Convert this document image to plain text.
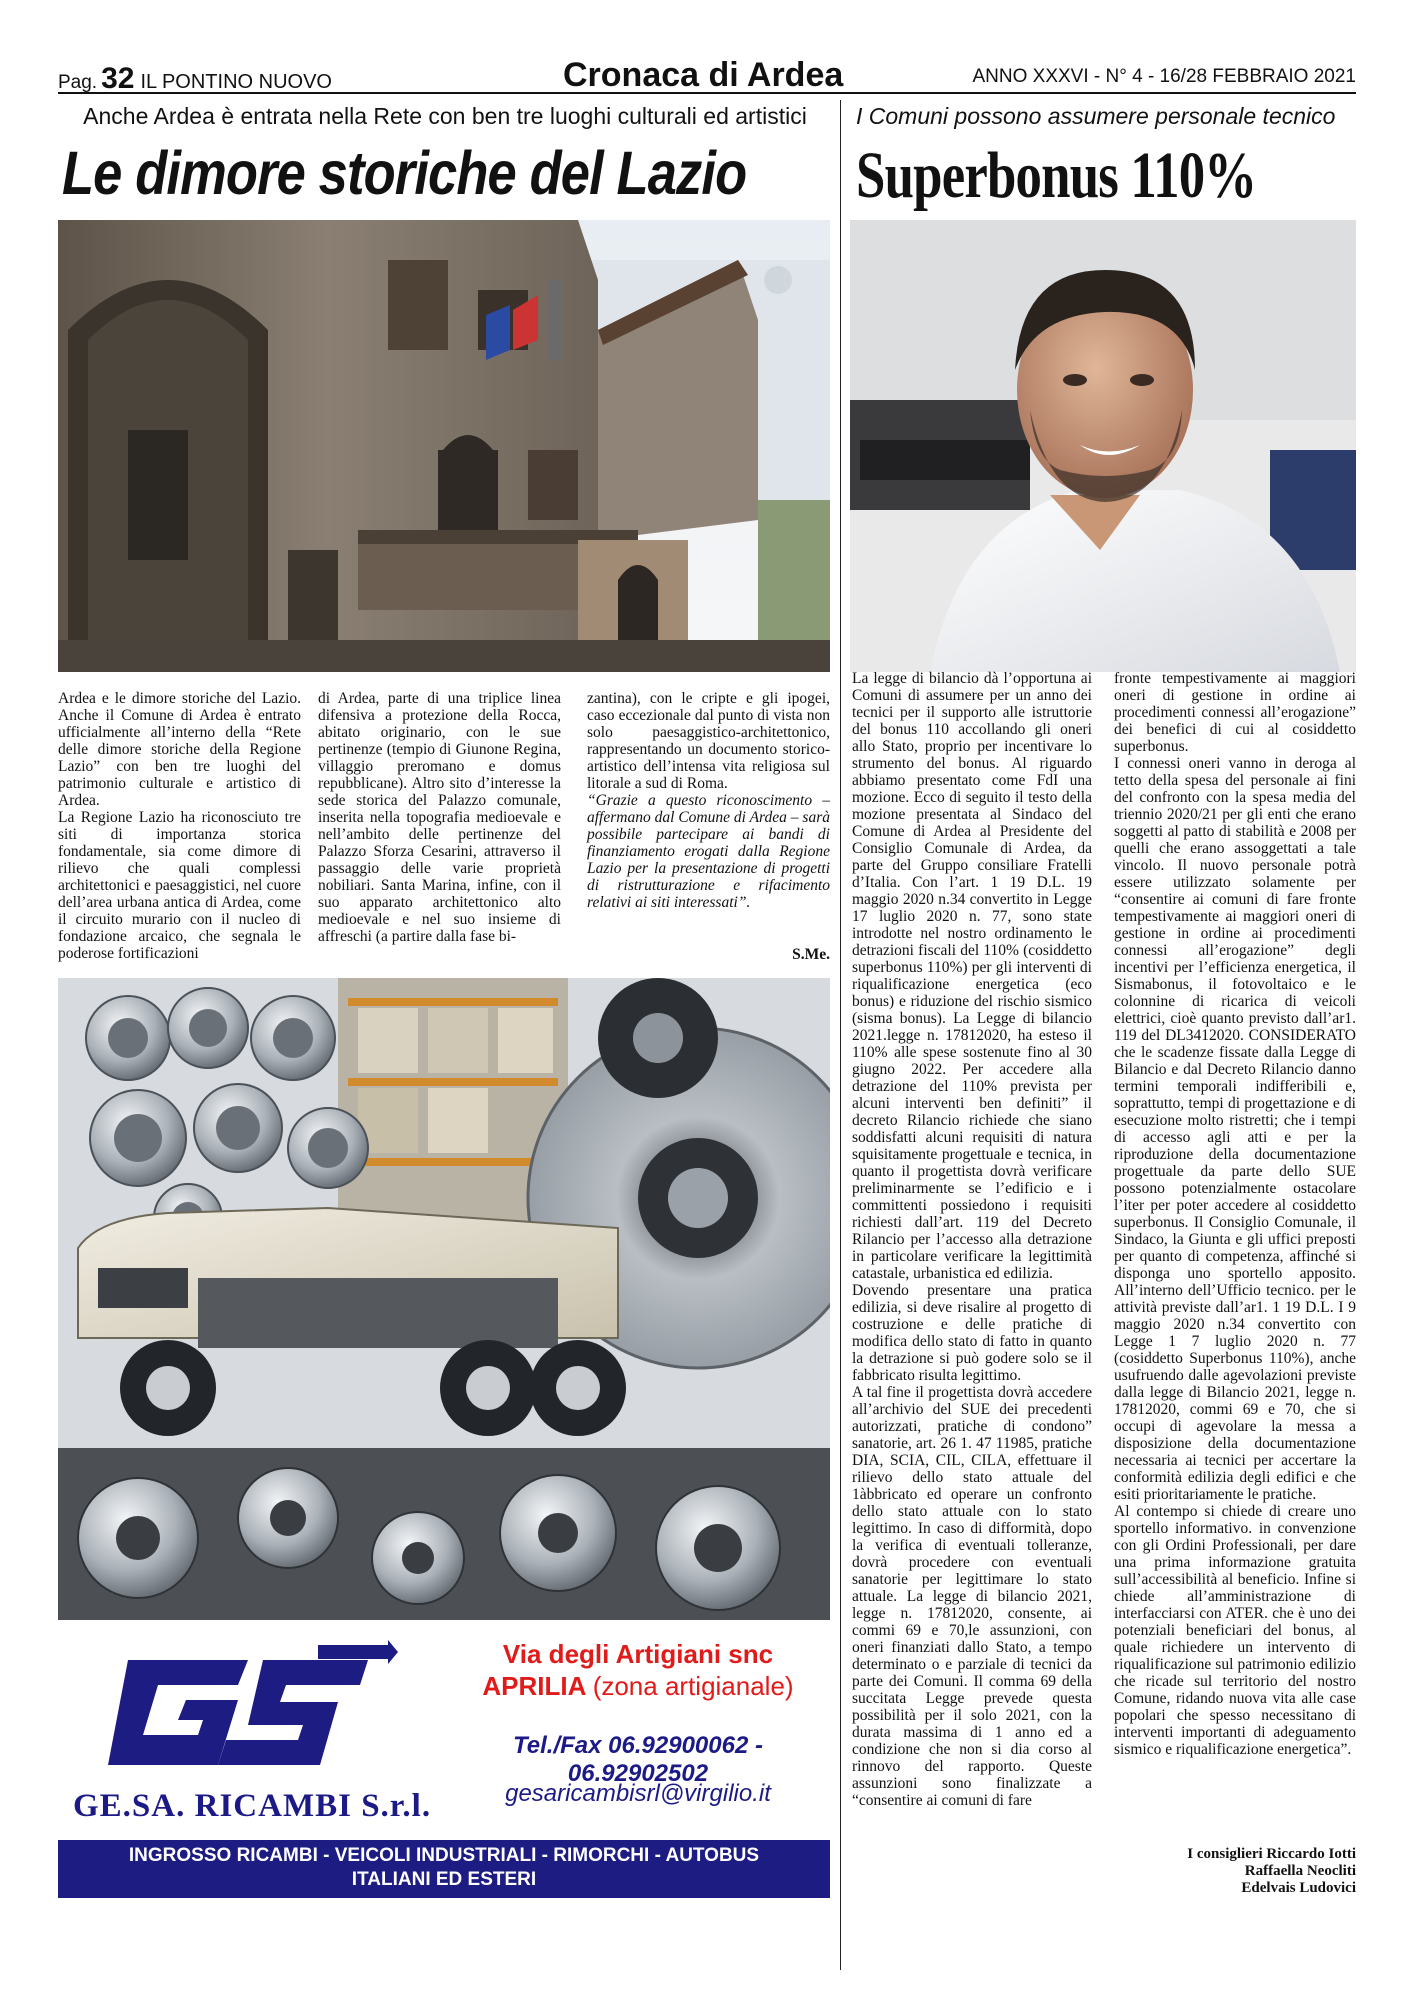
Pag. 32 IL PONTINO NUOVO	Cronaca di Ardea	ANNO XXXVI - N° 4 - 16/28 FEBBRAIO 2021
Anche Ardea è entrata nella Rete con ben tre luoghi culturali ed artistici
Le dimore storiche del Lazio

Ardea e le dimore storiche del Lazio. Anche il Comune di Ardea è entrato ufficialmente all’interno della “Rete delle dimore storiche della Regione Lazio” con ben tre luoghi del patrimonio culturale e artistico di Ardea.

La Regione Lazio ha riconosciuto tre siti di importanza storica fondamentale, sia come dimore di rilievo che quali complessi architettonici e paesaggistici, nel cuore dell’area urbana antica di Ardea, come il circuito murario con il nucleo di fondazione arcaico, che segnala le poderose fortificazioni

di Ardea, parte di una triplice linea difensiva a protezione della Rocca, abitato originario, con le sue pertinenze (tempio di Giunone Regina, villaggio preromano e domus repubblicane). Altro sito d’interesse la sede storica del Palazzo comunale, inserita nella topografia medioevale e nell’ambito delle pertinenze del Palazzo Sforza Cesarini, attraverso il passaggio delle varie proprietà nobiliari. Santa Marina, infine, con il suo apparato architettonico alto medioevale e nel suo insieme di affreschi (a partire dalla fase bi-

zantina), con le cripte e gli ipogei, caso eccezionale dal punto di vista non solo paesaggistico-architettonico, rappresentando un documento storico-artistico dell’intensa vita religiosa sul litorale a sud di Roma.

“Grazie a questo riconoscimento – affermano dal Comune di Ardea – sarà possibile partecipare ai bandi di finanziamento erogati dalla Regione Lazio per la presentazione di progetti di ristrutturazione e rifacimento relativi ai siti interessati”.

S.Me.
GE.SA. RICAMBI S.r.l.
Via degli Artigiani snc
APRILIA (zona artigianale)
Tel./Fax 06.92900062 - 06.92902502
gesaricambisrl@virgilio.it
INGROSSO RICAMBI - VEICOLI INDUSTRIALI - RIMORCHI - AUTOBUS
ITALIANI ED ESTERI
I Comuni possono assumere personale tecnico
Superbonus 110%

La legge di bilancio dà l’opportuna ai Comuni di assumere per un anno dei tecnici per il supporto alle istruttorie del bonus 110 accollando gli oneri allo Stato, proprio per incentivare lo strumento del bonus. Al riguardo abbiamo presentato come FdI una mozione. Ecco di seguito il testo della mozione presentata al Sindaco del Comune di Ardea al Presidente del Consiglio Comunale di Ardea, da parte del Gruppo consiliare Fratelli d’Italia. Con l’art. 1 19 D.L. 19 maggio 2020 n.34 convertito in Legge 17 luglio 2020 n. 77, sono state introdotte nel nostro ordinamento le detrazioni fiscali del 110% (cosiddetto superbonus 110%) per gli interventi di riqualificazione energetica (eco bonus) e riduzione del rischio sismico (sisma bonus). La Legge di bilancio 2021.legge n. 17812020, ha esteso il 110% alle spese sostenute fino al 30 giugno 2022. Per accedere alla detrazione del 110% prevista per alcuni interventi ben definiti” il decreto Rilancio richiede che siano soddisfatti alcuni requisiti di natura squisitamente progettuale e tecnica, in quanto il progettista dovrà verificare preliminarmente se l’edificio e i committenti possiedono i requisiti richiesti dall’art. 119 del Decreto Rilancio per l’accesso alla detrazione in particolare verificare la legittimità catastale, urbanistica ed edilizia.

Dovendo presentare una pratica edilizia, si deve risalire al progetto di costruzione e delle pratiche di modifica dello stato di fatto in quanto la detrazione si può godere solo se il fabbricato risulta legittimo.

A tal fine il progettista dovrà accedere all’archivio del SUE dei precedenti autorizzati, pratiche di condono” sanatorie, art. 26 1. 47 11985, pratiche DIA, SCIA, CIL, CILA, effettuare il rilievo dello stato attuale del 1àbbricato ed operare un confronto dello stato attuale con lo stato legittimo. In caso di difformità, dopo la verifica di eventuali tolleranze, dovrà procedere con eventuali sanatorie per legittimare lo stato attuale. La legge di bilancio 2021, legge n. 17812020, consente, ai commi 69 e 70,le assunzioni, con oneri finanziati dallo Stato, a tempo determinato o e parziale di tecnici da parte dei Comuni. Il comma 69 della succitata Legge prevede questa possibilità per il solo 2021, con la durata massima di 1 anno ed a condizione che non si dia corso al rinnovo del rapporto. Queste assunzioni sono finalizzate a “consentire ai comuni di fare

fronte tempestivamente ai maggiori oneri di gestione in ordine ai procedimenti connessi all’erogazione” dei benefici di cui al cosiddetto superbonus.

I connessi oneri vanno in deroga al tetto della spesa del personale ai fini del confronto con la spesa media del triennio 2020/21 per gli enti che erano soggetti al patto di stabilità e 2008 per quelli che erano assoggettati a tale vincolo. Il nuovo personale potrà essere utilizzato solamente per “consentire ai comuni di fare fronte tempestivamente ai maggiori oneri di gestione in ordine ai procedimenti connessi all’erogazione” degli incentivi per l’efficienza energetica, il Sismabonus, il fotovoltaico e le colonnine di ricarica di veicoli elettrici, cioè quanto previsto dall’ar1. 119 del DL3412020. CONSIDERATO che le scadenze fissate dalla Legge di Bilancio e dal Decreto Rilancio danno termini temporali indifferibili e, soprattutto, tempi di progettazione e di esecuzione molto ristretti; che i tempi di accesso agli atti e per la riproduzione della documentazione progettuale da parte dello SUE possono potenzialmente ostacolare l’iter per poter accedere al cosiddetto superbonus. Il Consiglio Comunale, il Sindaco, la Giunta e gli uffici preposti per quanto di competenza, affinché si disponga uno sportello apposito. All’interno dell’Ufficio tecnico. per le attività previste dall’ar1. 1 19 D.L. I 9 maggio 2020 n.34 convertito con Legge 1 7 luglio 2020 n. 77 (cosiddetto Superbonus 110%), anche usufruendo dalle agevolazioni previste dalla legge di Bilancio 2021, legge n. 17812020, commi 69 e 70, che si occupi di agevolare la messa a disposizione della documentazione necessaria ai tecnici per accertare la conformità edilizia degli edifici e che esiti prioritariamente le pratiche.

Al contempo si chiede di creare uno sportello informativo. in convenzione con gli Ordini Professionali, per dare una prima informazione gratuita sull’accessibilità al beneficio. Infine si chiede all’amministrazione di interfacciarsi con ATER. che è uno dei potenziali beneficiari del bonus, al quale richiedere un intervento di riqualificazione sul patrimonio edilizio che ricade sul territorio del nostro Comune, ridando nuova vita alle case popolari che spesso necessitano di interventi importanti di adeguamento sismico e riqualificazione energetica”.

I consiglieri Riccardo Iotti
Raffaella Neocliti
Edelvais Ludovici
